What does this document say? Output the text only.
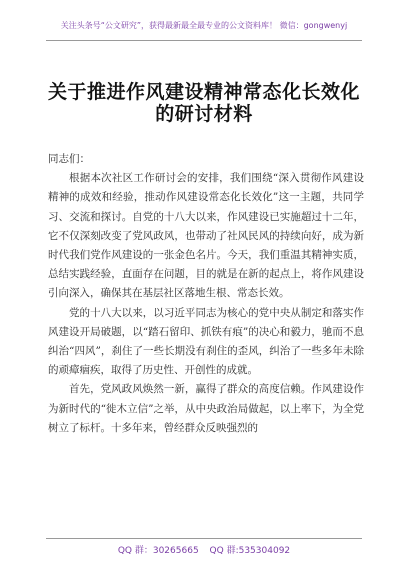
关注头条号“公文研究”，获得最新最全最专业的公文资料库！ 微信：gongwenyj
关于推进作风建设精神常态化长效化
的研讨材料

同志们：

根据本次社区工作研讨会的安排，我们围绕“深入贯彻作风建设精神的成效和经验，推动作风建设常态化长效化”这一主题，共同学习、交流和探讨。自党的十八大以来，作风建设已实施超过十二年，它不仅深刻改变了党风政风，也带动了社风民风的持续向好，成为新时代我们党作风建设的一张金色名片。今天，我们重温其精神实质，总结实践经验，直面存在问题，目的就是在新的起点上，将作风建设引向深入，确保其在基层社区落地生根、常态长效。

党的十八大以来，以习近平同志为核心的党中央从制定和落实作风建设开局破题，以“踏石留印、抓铁有痕”的决心和毅力，驰而不息纠治“四风”，刹住了一些长期没有刹住的歪风，纠治了一些多年未除的顽瘴痼疾，取得了历史性、开创性的成就。

首先，党风政风焕然一新，赢得了群众的高度信赖。作风建设作为新时代的“徙木立信”之举，从中央政治局做起，以上率下，为全党树立了标杆。十多年来，曾经群众反映强烈的

QQ 群：30265665 QQ 群:535304092
